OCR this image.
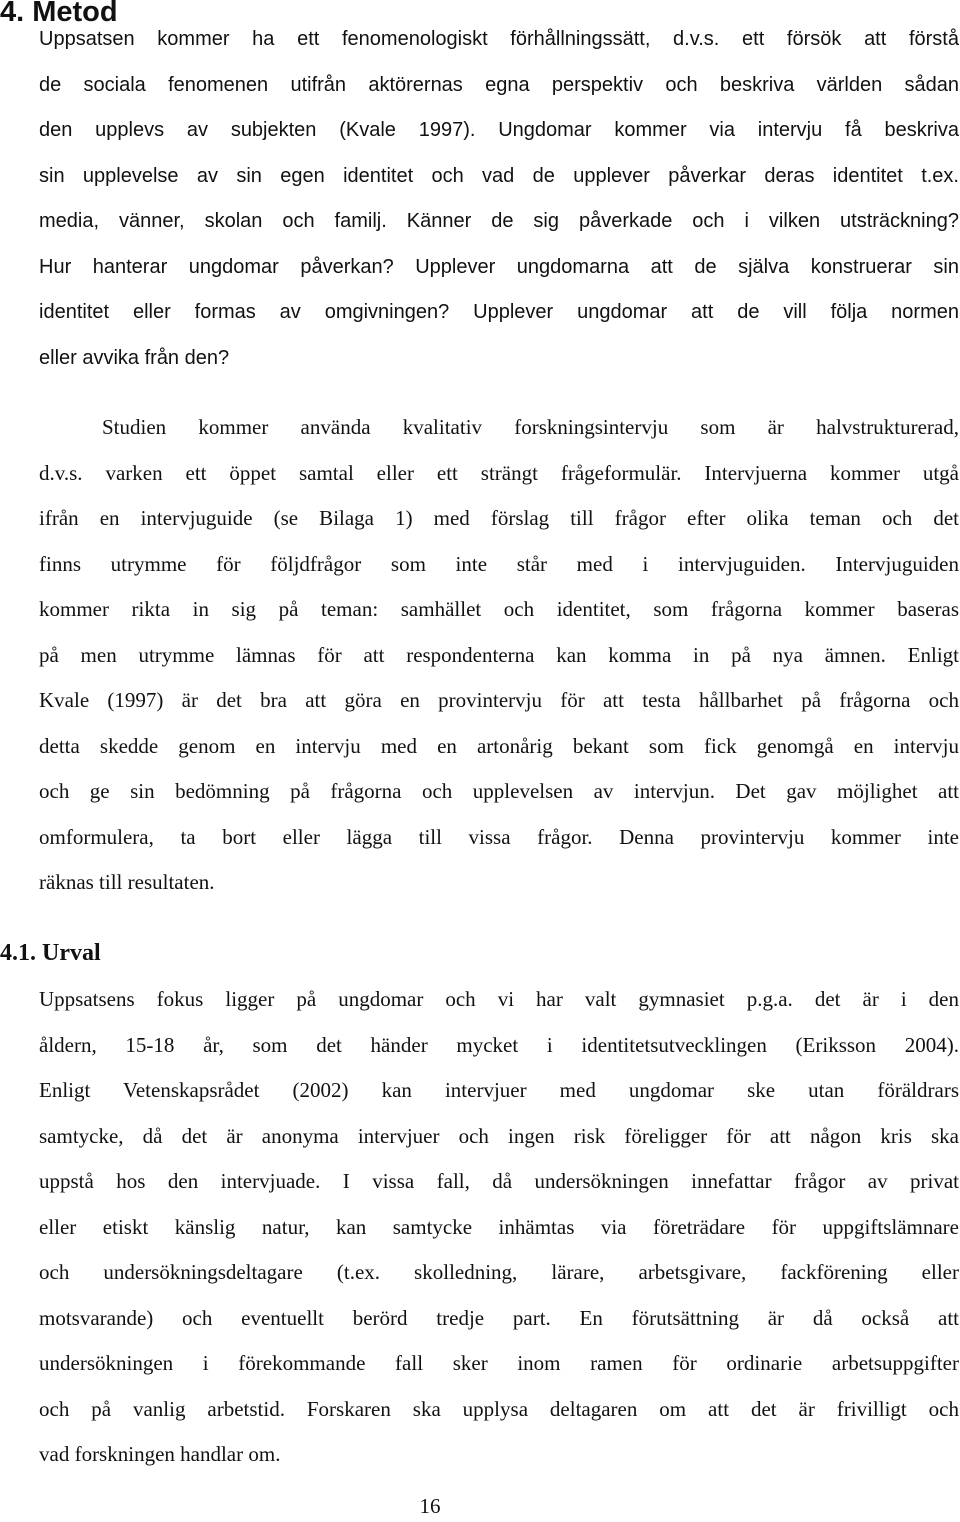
4. Metod
Uppsatsen kommer ha ett fenomenologiskt förhållningssätt, d.v.s. ett försök att förstå
de sociala fenomenen utifrån aktörernas egna perspektiv och beskriva världen sådan
den upplevs av subjekten (Kvale 1997). Ungdomar kommer via intervju få beskriva
sin upplevelse av sin egen identitet och vad de upplever påverkar deras identitet t.ex.
media, vänner, skolan och familj. Känner de sig påverkade och i vilken utsträckning?
Hur hanterar ungdomar påverkan? Upplever ungdomarna att de själva konstruerar sin
identitet eller formas av omgivningen? Upplever ungdomar att de vill följa normen
eller avvika från den?
Studien kommer använda kvalitativ forskningsintervju som är halvstrukturerad,
d.v.s. varken ett öppet samtal eller ett strängt frågeformulär. Intervjuerna kommer utgå
ifrån en intervjuguide (se Bilaga 1) med förslag till frågor efter olika teman och det
finns utrymme för följdfrågor som inte står med i intervjuguiden. Intervjuguiden
kommer rikta in sig på teman: samhället och identitet, som frågorna kommer baseras
på men utrymme lämnas för att respondenterna kan komma in på nya ämnen. Enligt
Kvale (1997) är det bra att göra en provintervju för att testa hållbarhet på frågorna och
detta skedde genom en intervju med en artonårig bekant som fick genomgå en intervju
och ge sin bedömning på frågorna och upplevelsen av intervjun. Det gav möjlighet att
omformulera, ta bort eller lägga till vissa frågor. Denna provintervju kommer inte
räknas till resultaten.
4.1. Urval
Uppsatsens fokus ligger på ungdomar och vi har valt gymnasiet p.g.a. det är i den
åldern, 15-18 år, som det händer mycket i identitetsutvecklingen (Eriksson 2004).
Enligt Vetenskapsrådet (2002) kan intervjuer med ungdomar ske utan föräldrars
samtycke, då det är anonyma intervjuer och ingen risk föreligger för att någon kris ska
uppstå hos den intervjuade. I vissa fall, då undersökningen innefattar frågor av privat
eller etiskt känslig natur, kan samtycke inhämtas via företrädare för uppgiftslämnare
och undersökningsdeltagare (t.ex. skolledning, lärare, arbetsgivare, fackförening eller
motsvarande) och eventuellt berörd tredje part. En förutsättning är då också att
undersökningen i förekommande fall sker inom ramen för ordinarie arbetsuppgifter
och på vanlig arbetstid. Forskaren ska upplysa deltagaren om att det är frivilligt och
vad forskningen handlar om.
16
